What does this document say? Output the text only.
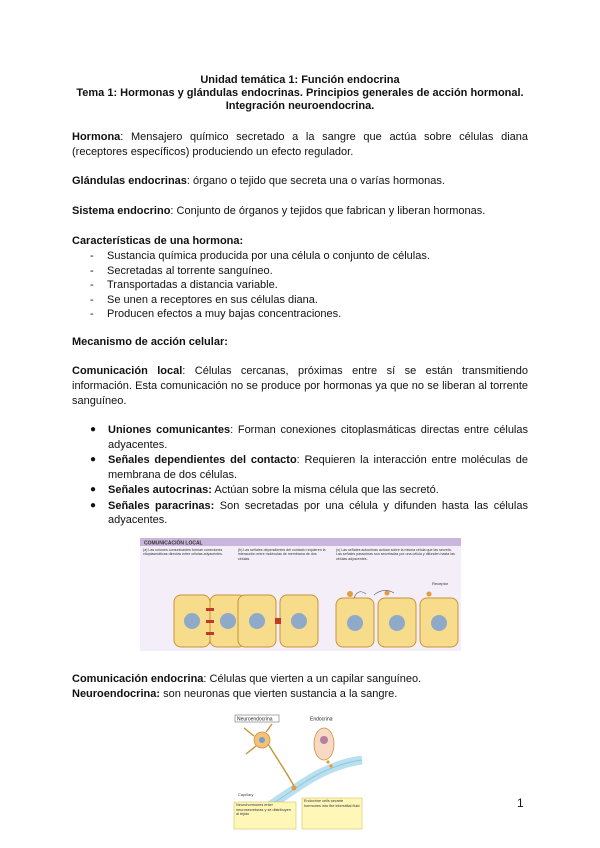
Unidad temática 1: Función endocrina
Tema 1: Hormonas y glándulas endocrinas. Principios generales de acción hormonal.
Integración neuroendocrina.
Hormona: Mensajero químico secretado a la sangre que actúa sobre células diana (receptores específicos) produciendo un efecto regulador.
Glándulas endocrinas: órgano o tejido que secreta una o varías hormonas.
Sistema endocrino: Conjunto de órganos y tejidos que fabrican y liberan hormonas.
Características de una hormona:
- Sustancia química producida por una célula o conjunto de células.
- Secretadas al torrente sanguíneo.
- Transportadas a distancia variable.
- Se unen a receptores en sus células diana.
- Producen efectos a muy bajas concentraciones.
Mecanismo de acción celular:
Comunicación local: Células cercanas, próximas entre sí se están transmitiendo información. Esta comunicación no se produce por hormonas ya que no se liberan al torrente sanguíneo.
● Uniones comunicantes: Forman conexiones citoplasmáticas directas entre células adyacentes.
● Señales dependientes del contacto: Requieren la interacción entre moléculas de membrana de dos células.
● Señales autocrinas: Actúan sobre la misma célula que las secretó.
● Señales paracrinas: Son secretadas por una célula y difunden hasta las células adyacentes.
COMUNICACIÓN LOCAL
(a) Las uniones comunicantes forman conexiones citoplasmáticas directas entre células adyacentes.
(b) Las señales dependientes del contacto requieren la interacción entre moléculas de membrana de dos células.
(c) Las señales autocrinas actúan sobre la misma célula que las secretó. Las señales paracrinas son secretadas por una célula y difunden hasta las células adyacentes.
Receptor
Comunicación endocrina: Células que vierten a un capilar sanguíneo.
Neuroendocrina: son neuronas que vierten sustancia a la sangre.
Neuroendocrina	Endocrina
Capillary
Neurohormones enter neurosecretoras y se distribuyen al tejido
Endocrine cells secrete hormones into the interstitial fluid	1
